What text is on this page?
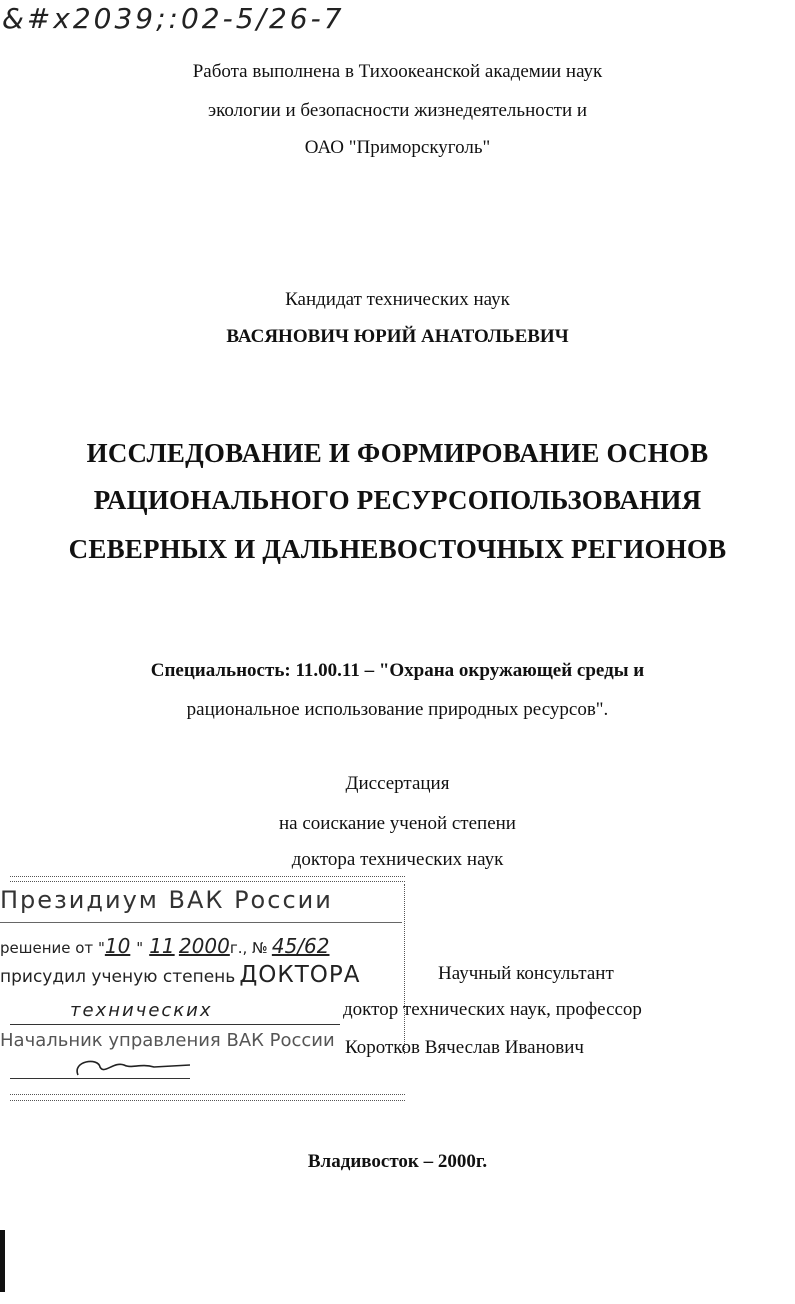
&#x2039;:02-5/26-7
Работа выполнена в Тихоокеанской академии наук
экологии и безопасности жизнедеятельности и
ОАО "Приморскуголь"
Кандидат технических наук
ВАСЯНОВИЧ ЮРИЙ АНАТОЛЬЕВИЧ
ИССЛЕДОВАНИЕ И ФОРМИРОВАНИЕ ОСНОВ
РАЦИОНАЛЬНОГО РЕСУРСОПОЛЬЗОВАНИЯ
СЕВЕРНЫХ И ДАЛЬНЕВОСТОЧНЫХ РЕГИОНОВ
Специальность: 11.00.11 – "Охрана окружающей среды и
рациональное использование природных ресурсов".
Диссертация
на соискание ученой степени
доктора технических наук
Президиум ВАК России
решение от "10 " 11 2000г., № 45/62
присудил ученую степень ДОКТОРА
технических
Начальник управления ВАК России
Научный консультант
доктор технических наук, профессор
Коротков Вячеслав Иванович
Владивосток – 2000г.
